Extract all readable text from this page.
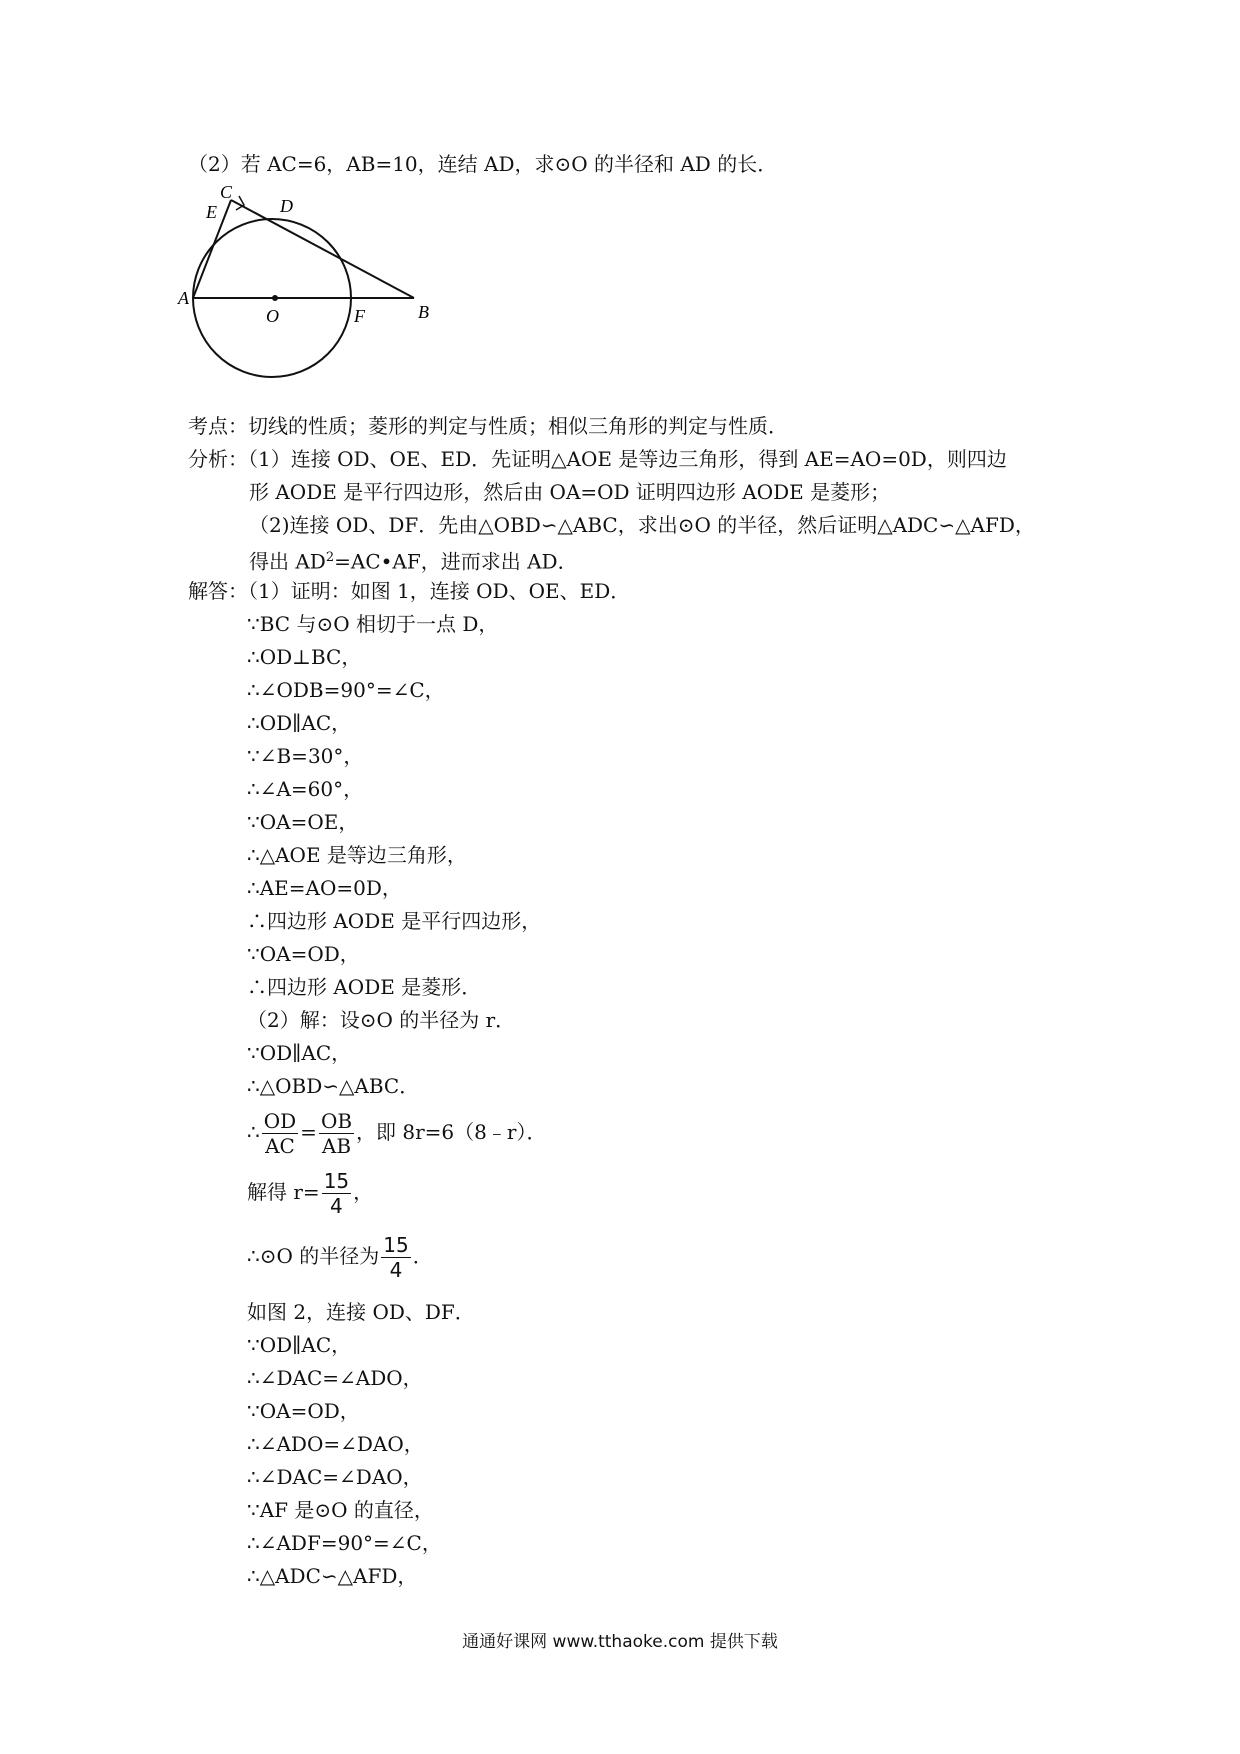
（2）若 AC=6，AB=10，连结 AD，求⊙O 的半径和 AD 的长．
C
E	D
A
O	F	B
考点：切线的性质；菱形的判定与性质；相似三角形的判定与性质．
分析：（1）连接 OD、OE、ED．先证明△AOE 是等边三角形，得到 AE=AO=0D，则四边
形 AODE 是平行四边形，然后由 OA=OD 证明四边形 AODE 是菱形；
（2)连接 OD、DF．先由△OBD∽△ABC，求出⊙O 的半径，然后证明△ADC∽△AFD，
得出 $AD^2=AC•AF$，进而求出 AD．
解答：（1）证明：如图 1，连接 OD、OE、ED．
∵BC 与⊙O 相切于一点 D，
∴OD⊥BC，
∴∠ODB=90°=∠C，
∴OD∥AC，
∵∠B=30°，
∴∠A=60°，
∵OA=OE，
∴△AOE 是等边三角形，
∴AE=AO=0D，
∴四边形 AODE 是平行四边形，
∵OA=OD，
∴四边形 AODE 是菱形．
（2）解：设⊙O 的半径为 r．
∵OD∥AC，
∴△OBD∽△ABC．
∴ $\frac{OD}{AC} = \frac{OB}{AB}$ ，即 8r=6（8﹣r）．
解得 $r= \frac{15}{4}$ ，
∴⊙O 的半径为 $\frac{15}{4}$ ．
如图 2，连接 OD、DF．
∵OD∥AC，
∴∠DAC=∠ADO，
∵OA=OD，
∴∠ADO=∠DAO，
∴∠DAC=∠DAO，
∵AF 是⊙O 的直径，
∴∠ADF=90°=∠C，
∴△ADC∽△AFD，
通通好课网 www.tthaoke.com 提供下载
